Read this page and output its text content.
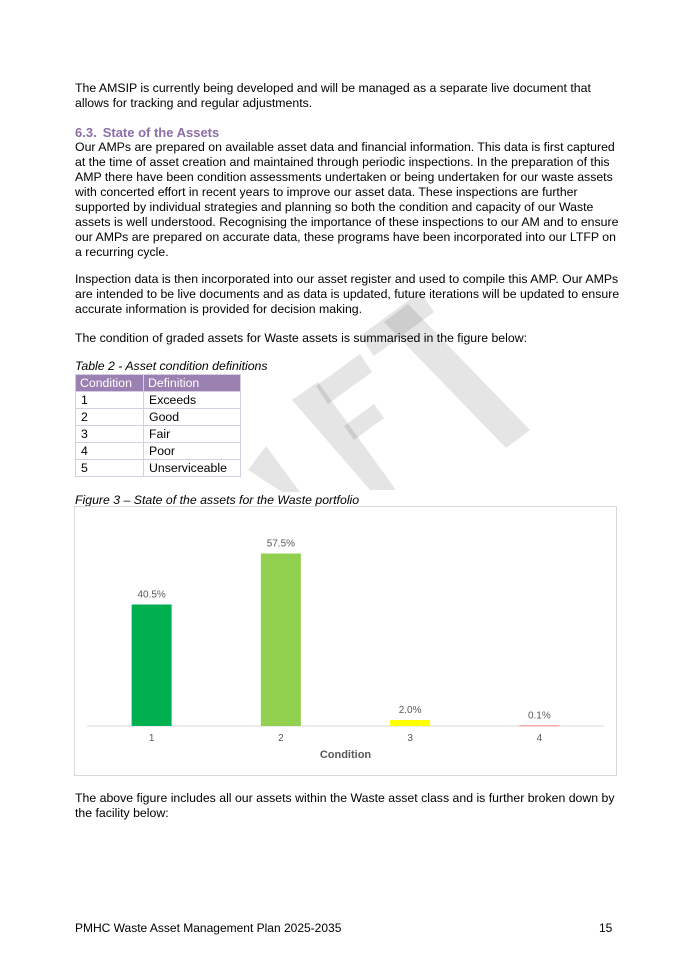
The AMSIP is currently being developed and will be managed as a separate live document that allows for tracking and regular adjustments.

6.3. State of the Assets

Our AMPs are prepared on available asset data and financial information. This data is first captured at the time of asset creation and maintained through periodic inspections. In the preparation of this AMP there have been condition assessments undertaken or being undertaken for our waste assets with concerted effort in recent years to improve our asset data. These inspections are further supported by individual strategies and planning so both the condition and capacity of our Waste assets is well understood. Recognising the importance of these inspections to our AM and to ensure our AMPs are prepared on accurate data, these programs have been incorporated into our LTFP on a recurring cycle.

Inspection data is then incorporated into our asset register and used to compile this AMP. Our AMPs are intended to be live documents and as data is updated, future iterations will be updated to ensure accurate information is provided for decision making.

The condition of graded assets for Waste assets is summarised in the figure below:

Table 2 - Asset condition definitions

Condition	Definition
1	Exceeds
2	Good
3	Fair
4	Poor
5	Unserviceable

Figure 3 – State of the assets for the Waste portfolio

40.5%
1
57.5%
2
2.0%
3
0.1%
4
Condition

The above figure includes all our assets within the Waste asset class and is further broken down by the facility below:

PMHC Waste Asset Management Plan 2025-2035	15
